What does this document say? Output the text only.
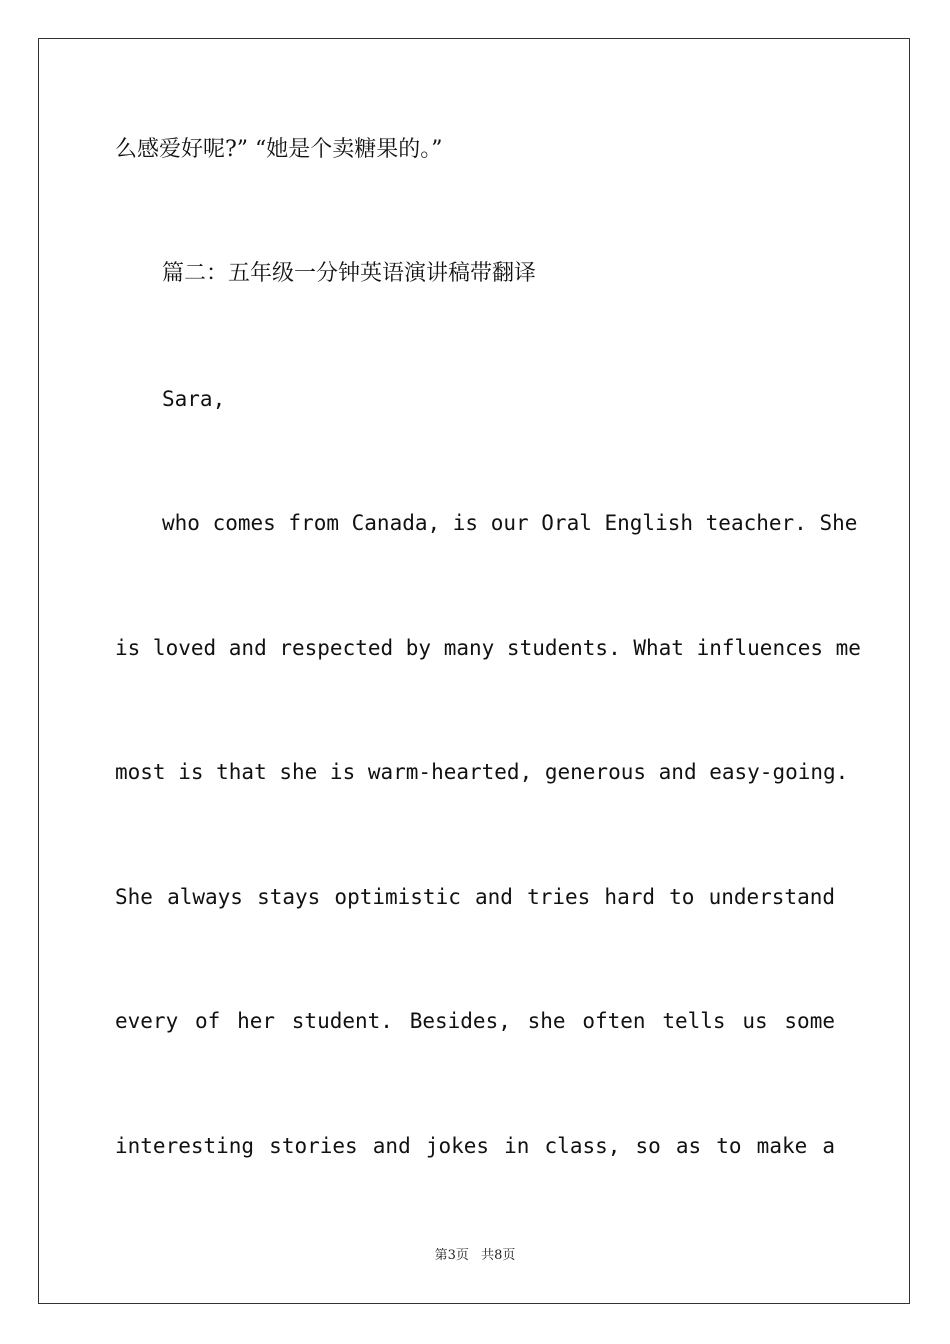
么感爱好呢?” “她是个卖糖果的。”
篇二：五年级一分钟英语演讲稿带翻译
Sara,
who comes from Canada, is our Oral English teacher. She
is loved and respected by many students. What influences me
most is that she is warm-hearted, generous and easy-going.
She always stays optimistic and tries hard to understand
every of her student. Besides, she often tells us some
interesting stories and jokes in class, so as to make a
第3页 共8页
